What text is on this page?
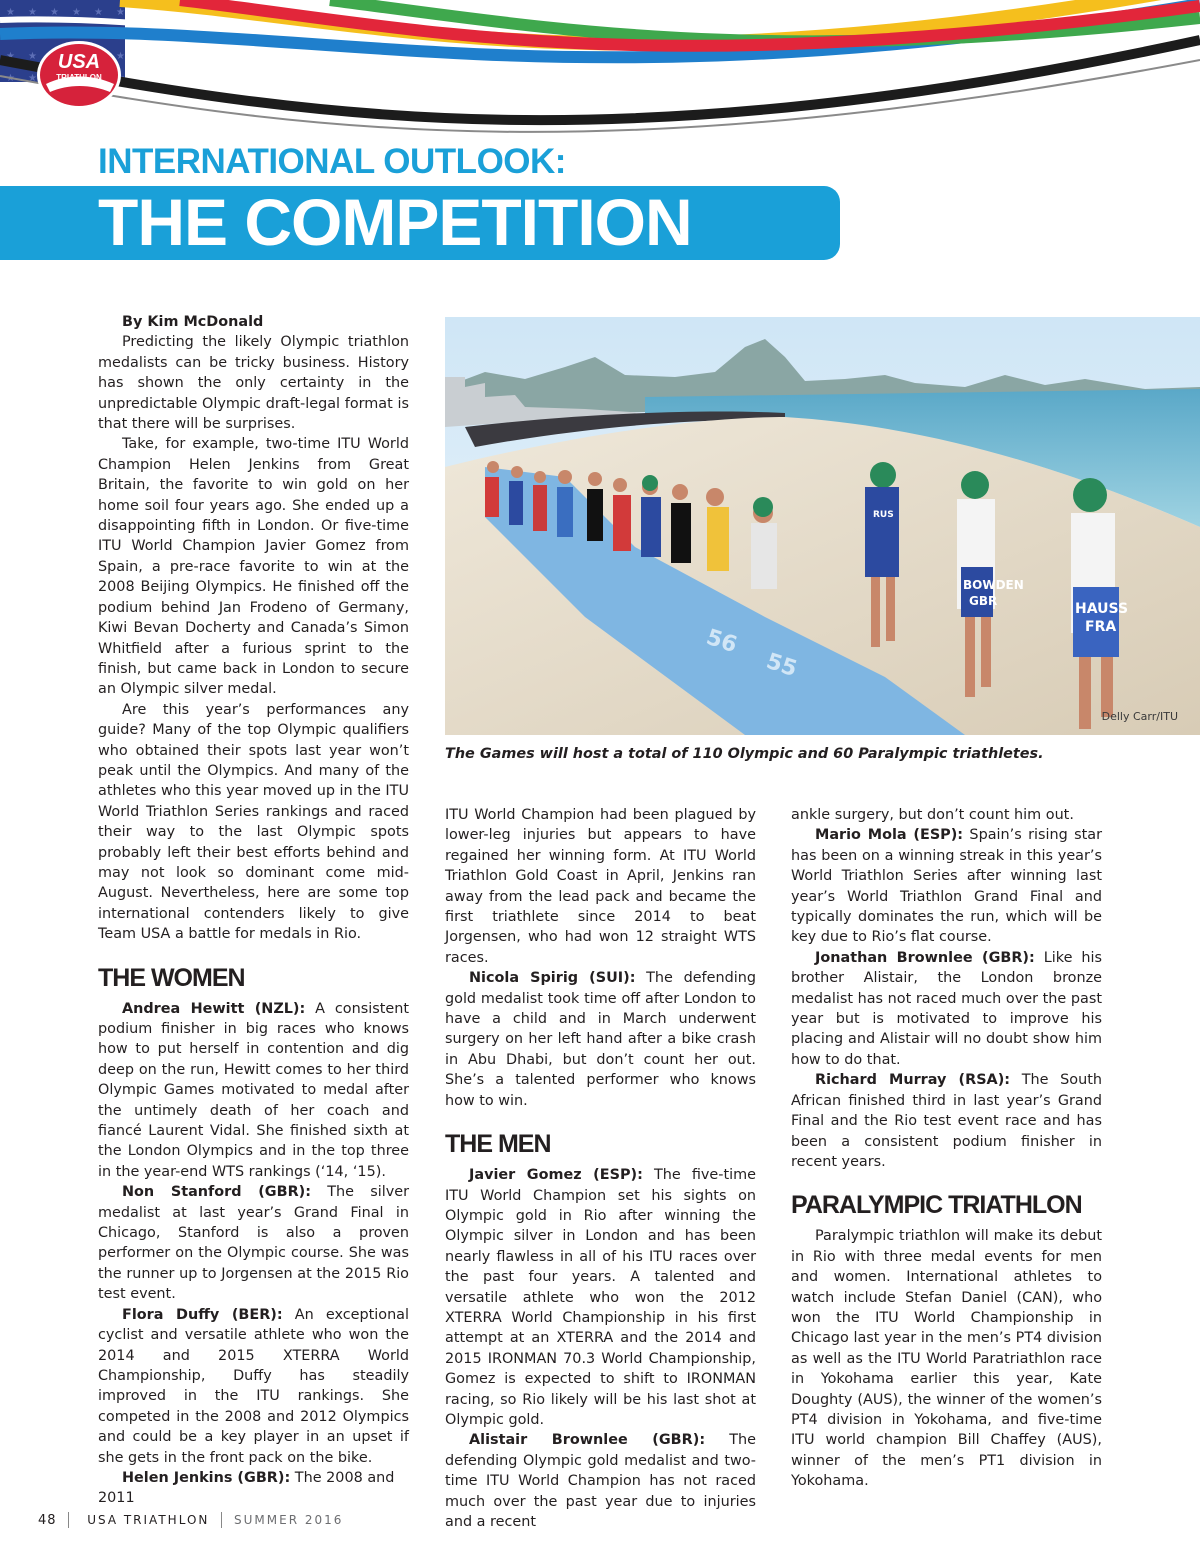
USA
TRIATHLON
INTERNATIONAL OUTLOOK:
THE COMPETITION

By Kim McDonald

Predicting the likely Olympic triathlon medalists can be tricky business. History has shown the only certainty in the unpredictable Olympic draft-legal format is that there will be surprises.

Take, for example, two-time ITU World Champion Helen Jenkins from Great Britain, the favorite to win gold on her home soil four years ago. She ended up a disappointing fifth in London. Or five-time ITU World Champion Javier Gomez from Spain, a pre-race favorite to win at the 2008 Beijing Olympics. He finished off the podium behind Jan Frodeno of Germany, Kiwi Bevan Docherty and Canada’s Simon Whitfield after a furious sprint to the finish, but came back in London to secure an Olympic silver medal.

Are this year’s performances any guide? Many of the top Olympic qualifiers who obtained their spots last year won’t peak until the Olympics. And many of the athletes who this year moved up in the ITU World Triathlon Series rankings and raced their way to the last Olympic spots probably left their best efforts behind and may not look so dominant come mid-August. Nevertheless, here are some top international contenders likely to give Team USA a battle for medals in Rio.

THE WOMEN

Andrea Hewitt (NZL): A consistent podium finisher in big races who knows how to put herself in contention and dig deep on the run, Hewitt comes to her third Olympic Games motivated to medal after the untimely death of her coach and fiancé Laurent Vidal. She finished sixth at the London Olympics and in the top three in the year-end WTS rankings (‘14, ‘15).

Non Stanford (GBR): The silver medalist at last year’s Grand Final in Chicago, Stanford is also a proven performer on the Olympic course. She was the runner up to Jorgensen at the 2015 Rio test event.

Flora Duffy (BER): An exceptional cyclist and versatile athlete who won the 2014 and 2015 XTERRA World Championship, Duffy has steadily improved in the ITU rankings. She competed in the 2008 and 2012 Olympics and could be a key player in an upset if she gets in the front pack on the bike.

Helen Jenkins (GBR): The 2008 and 2011

56
55
RUS
BOWDEN
GBR	HAUSS
FRA
Delly Carr/ITU

The Games will host a total of 110 Olympic and 60 Paralympic triathletes.

ITU World Champion had been plagued by lower-leg injuries but appears to have regained her winning form. At ITU World Triathlon Gold Coast in April, Jenkins ran away from the lead pack and became the first triathlete since 2014 to beat Jorgensen, who had won 12 straight WTS races.

Nicola Spirig (SUI): The defending gold medalist took time off after London to have a child and in March underwent surgery on her left hand after a bike crash in Abu Dhabi, but don’t count her out. She’s a talented performer who knows how to win.

THE MEN

Javier Gomez (ESP): The five-time ITU World Champion set his sights on Olympic gold in Rio after winning the Olympic silver in London and has been nearly flawless in all of his ITU races over the past four years. A talented and versatile athlete who won the 2012 XTERRA World Championship in his first attempt at an XTERRA and the 2014 and 2015 IRONMAN 70.3 World Championship, Gomez is expected to shift to IRONMAN racing, so Rio likely will be his last shot at Olympic gold.

Alistair Brownlee (GBR): The defending Olympic gold medalist and two-time ITU World Champion has not raced much over the past year due to injuries and a recent

ankle surgery, but don’t count him out.

Mario Mola (ESP): Spain’s rising star has been on a winning streak in this year’s World Triathlon Series after winning last year’s World Triathlon Grand Final and typically dominates the run, which will be key due to Rio’s flat course.

Jonathan Brownlee (GBR): Like his brother Alistair, the London bronze medalist has not raced much over the past year but is motivated to improve his placing and Alistair will no doubt show him how to do that.

Richard Murray (RSA): The South African finished third in last year’s Grand Final and the Rio test event race and has been a consistent podium finisher in recent years.

PARALYMPIC TRIATHLON

Paralympic triathlon will make its debut in Rio with three medal events for men and women. International athletes to watch include Stefan Daniel (CAN), who won the ITU World Championship in Chicago last year in the men’s PT4 division as well as the ITU World Paratriathlon race in Yokohama earlier this year, Kate Doughty (AUS), the winner of the women’s PT4 division in Yokohama, and five-time ITU world champion Bill Chaffey (AUS), winner of the men’s PT1 division in Yokohama.

48	USA TRIATHLON SUMMER 2016
